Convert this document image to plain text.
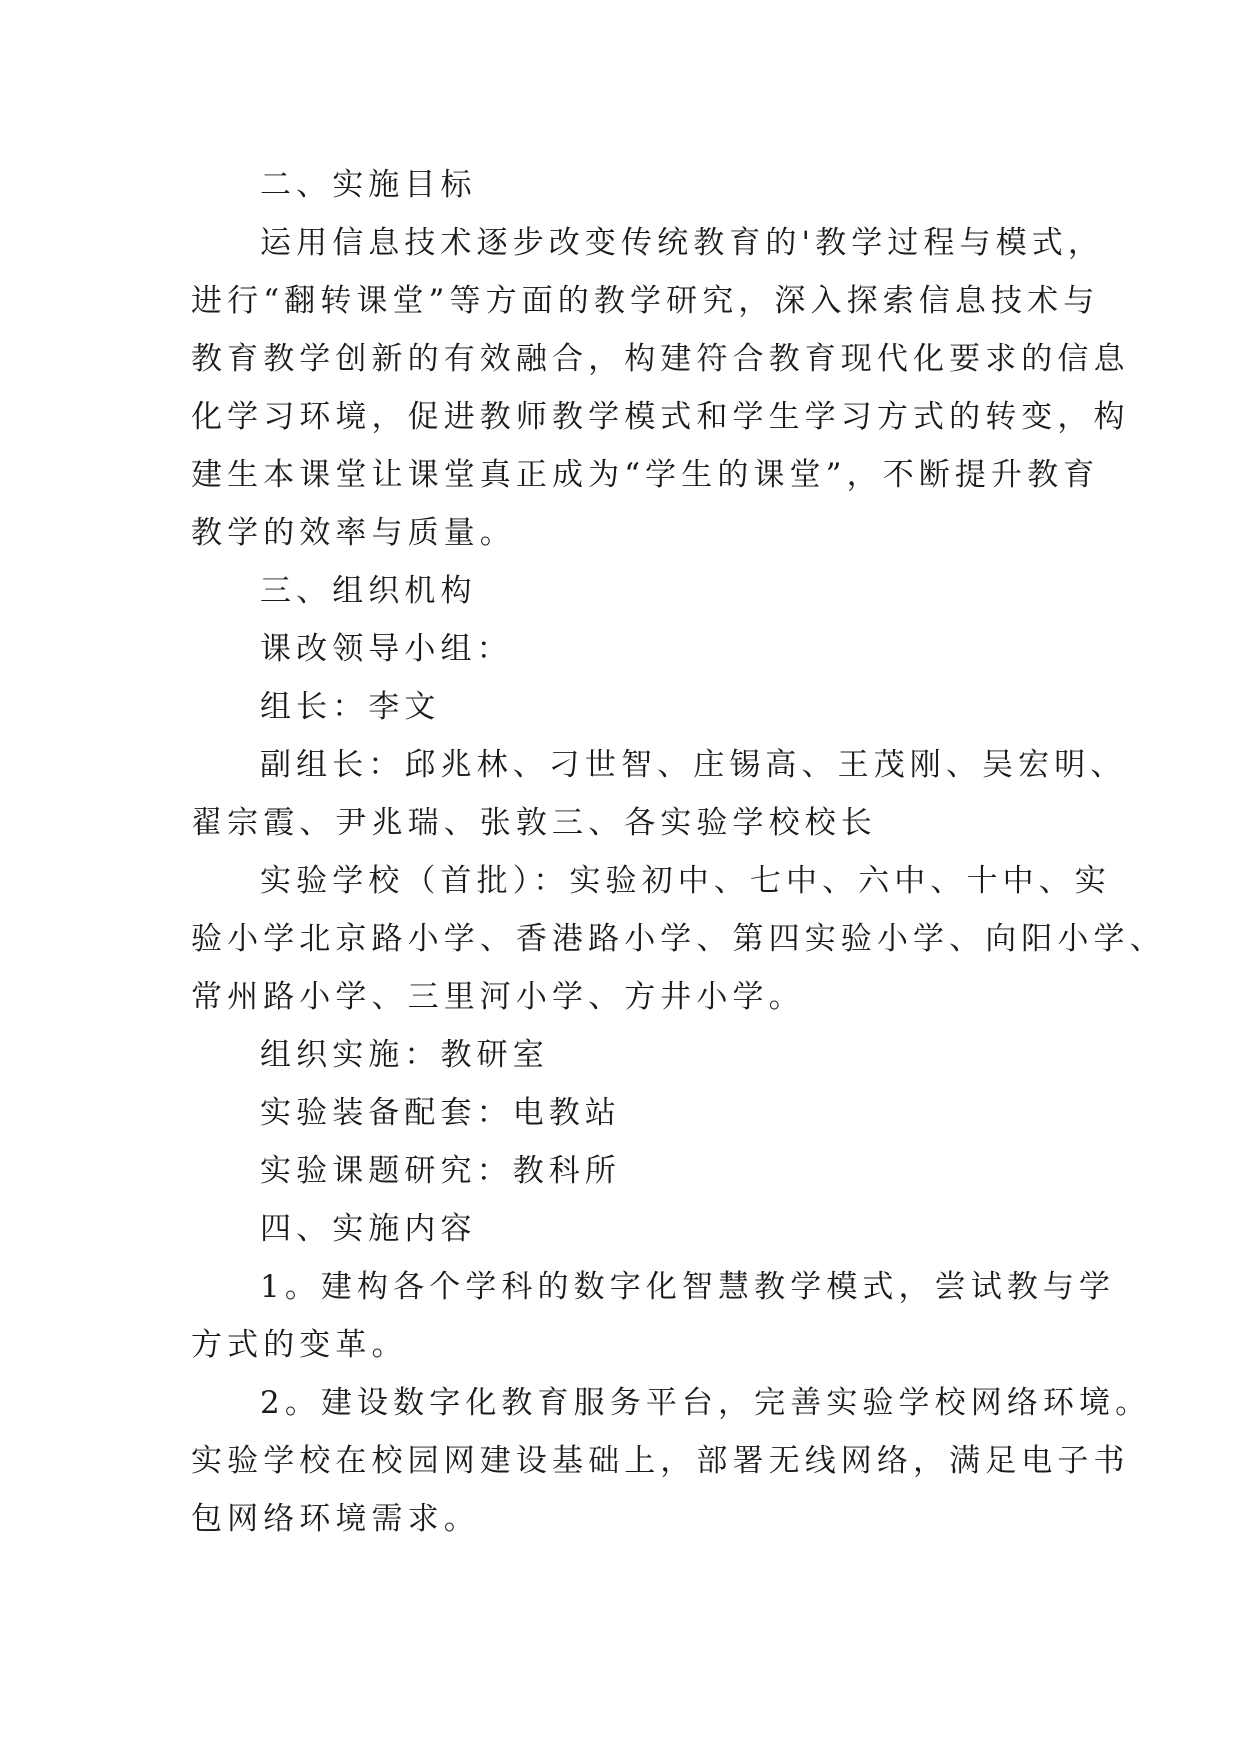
二、实施目标
运用信息技术逐步改变传统教育的'教学过程与模式，
进行“翻转课堂”等方面的教学研究，深入探索信息技术与
教育教学创新的有效融合，构建符合教育现代化要求的信息
化学习环境，促进教师教学模式和学生学习方式的转变，构
建生本课堂让课堂真正成为“学生的课堂”，不断提升教育
教学的效率与质量。
三、组织机构
课改领导小组：
组长：李文
副组长：邱兆林、刁世智、庄锡高、王茂刚、吴宏明、
翟宗霞、尹兆瑞、张敦三、各实验学校校长
实验学校（首批）：实验初中、七中、六中、十中、实
验小学北京路小学、香港路小学、第四实验小学、向阳小学、
常州路小学、三里河小学、方井小学。
组织实施：教研室
实验装备配套：电教站
实验课题研究：教科所
四、实施内容
1。建构各个学科的数字化智慧教学模式，尝试教与学
方式的变革。
2。建设数字化教育服务平台，完善实验学校网络环境。
实验学校在校园网建设基础上，部署无线网络，满足电子书
包网络环境需求。
